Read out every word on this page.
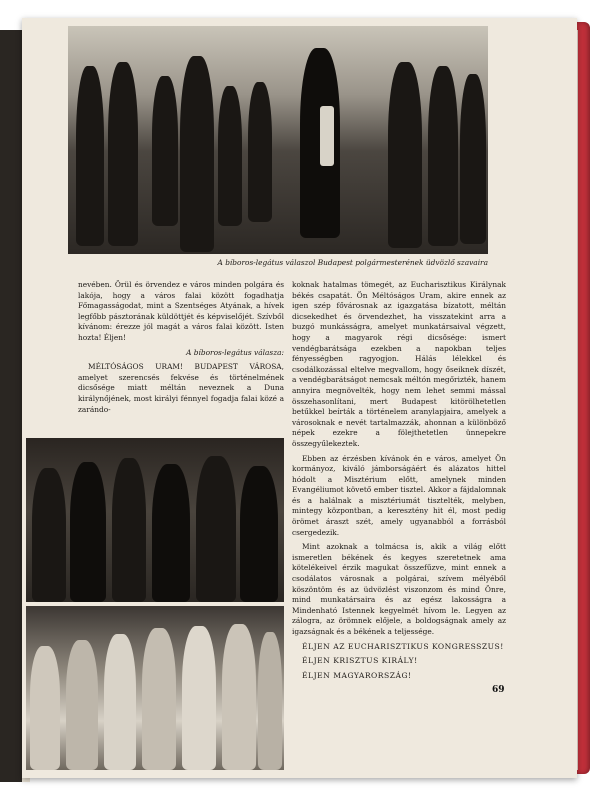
A bíboros-legátus válaszol Budapest polgármesterének üdvözlő szavaira

nevében. Örül és örvendez e város minden polgára és lakója, hogy a város falai között fogadhatja Főmagasságodat, mint a Szentséges Atyának, a hívek legfőbb pásztorának küldöttjét és képviselőjét. Szívből kívánom: érezze jól magát a város falai között. Isten hozta! Éljen!

A bíboros-legátus válasza:

MÉLTÓSÁGOS URAM! BUDAPEST VÁROSA, amelyet szerencsés fekvése és történelmének dicsősége miatt méltán neveznek a Duna királynőjének, most királyi fénnyel fogadja falai közé a zarándo-

koknak hatalmas tömegét, az Eucharisztikus Királynak békés csapatát. Ön Méltóságos Uram, akire ennek az igen szép fővárosnak az igazgatása bízatott, méltán dicsekedhet és örvendezhet, ha visszatekint arra a buzgó munkásságra, amelyet munkatársaival végzett, hogy a magyarok régi dicsősége: ismert vendégbarátsága ezekben a napokban teljes fényességben ragyogjon. Hálás lélekkel és csodálkozással eltelve megvallom, hogy őseiknek díszét, a vendégbarátságot nemcsak méltón megőrizték, hanem annyira megnövelték, hogy nem lehet semmi mással összehasonlítani, mert Budapest kitörölhetetlen betűkkel beírták a történelem aranylapjaira, amelyek a városoknak e nevét tartalmazzák, ahonnan a különböző népek ezekre a fölejthetetlen ünnepekre összegyűlekeztek.

Ebben az érzésben kívánok én e város, amelyet Ön kormányoz, kiváló jámborságáért és alázatos hittel hódolt a Misztérium előtt, amelynek minden Evangéliumot követő ember tisztel. Akkor a fájdalomnak és a halálnak a misztériumát tisztelték, melyben, mintegy központban, a keresztény hit él, most pedig örömet áraszt szét, amely ugyanabból a forrásból csergedezik.

Mint azoknak a tolmácsa is, akik a világ előtt ismeretlen békének és kegyes szeretetnek ama kötelékeivel érzik magukat összefűzve, mint ennek a csodálatos városnak a polgárai, szívem mélyéből köszöntöm és az üdvözlést viszonzom és mind Önre, mind munkatársaira és az egész lakosságra a Mindenható Istennek kegyelmét hívom le. Legyen az zálogra, az örömnek előjele, a boldogságnak amely az igazságnak és a békének a teljessége.

ÉLJEN AZ EUCHARISZTIKUS KONGRESSZUS!

ÉLJEN KRISZTUS KIRÁLY!

ÉLJEN MAGYARORSZÁG!

69
